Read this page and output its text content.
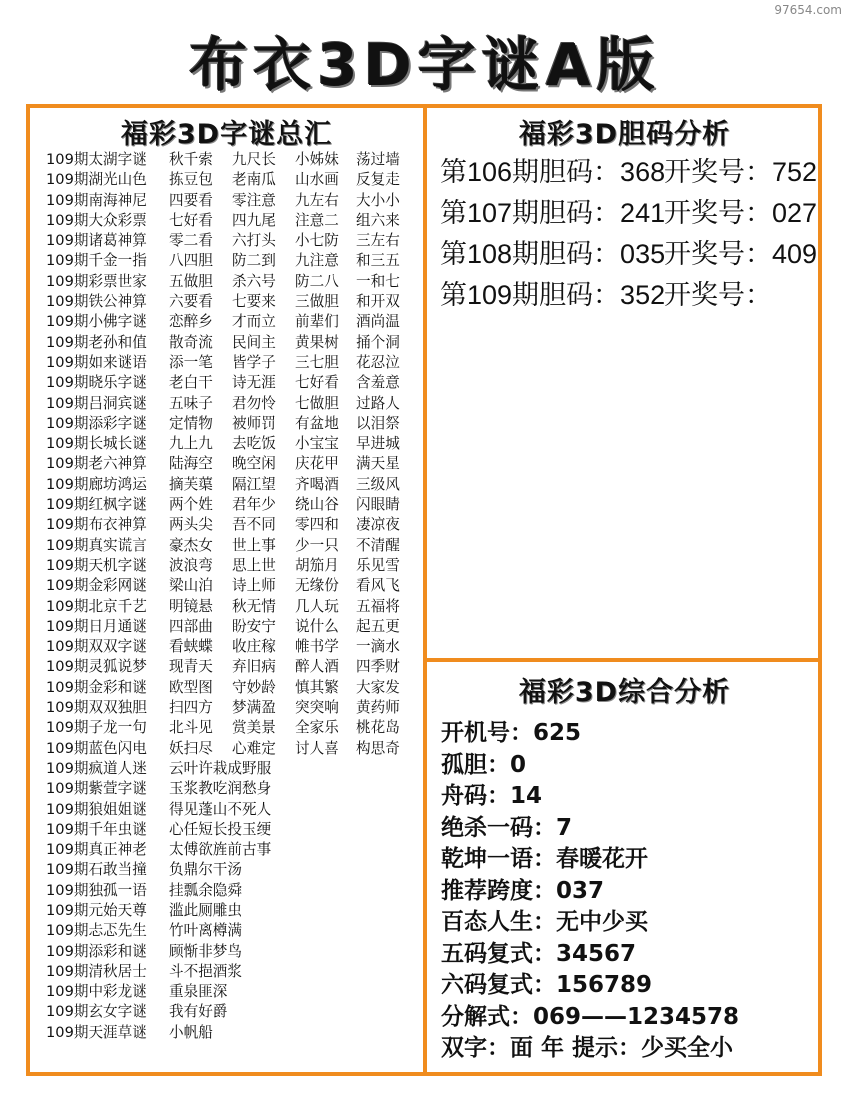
97654.com
布衣3D字谜A版
福彩3D字谜总汇	福彩3D胆码分析
福彩3D综合分析
109期太湖字谜 秋千索 九尺长 小姊妹 荡过墙
109期湖光山色 拣豆包 老南瓜 山水画 反复走
109期南海神尼 四要看 零注意 九左右 大小小
109期大众彩票 七好看 四九尾 注意二 组六来
109期诸葛神算 零二看 六打头 小七防 三左右
109期千金一指 八四胆 防二到 九注意 和三五
109期彩票世家 五做胆 杀六号 防二八 一和七
109期铁公神算 六要看 七要来 三做胆 和开双
109期小佛字谜 恋醉乡 才而立 前辈们 酒尚温
109期老孙和值 散奇流 民间主 黄果树 捅个洞
109期如来谜语 添一笔 皆学子 三七胆 花忍泣
109期晓乐字谜 老白干 诗无涯 七好看 含羞意
109期吕洞宾谜 五味子 君勿怜 七做胆 过路人
109期添彩字谜 定情物 被师罚 有盆地 以泪祭
109期长城长谜 九上九 去吃饭 小宝宝 早进城
109期老六神算 陆海空 晚空闲 庆花甲 满天星
109期廊坊鸿运 摘芙蕖 隔江望 齐喝酒 三级风
109期红枫字谜 两个姓 君年少 绕山谷 闪眼睛
109期布衣神算 两头尖 吾不同 零四和 凄凉夜
109期真实谎言 豪杰女 世上事 少一只 不清醒
109期天机字谜 波浪弯 思上世 胡笳月 乐见雪
109期金彩网谜 梁山泊 诗上师 无缘份 看风飞
109期北京千艺 明镜悬 秋无情 几人玩 五福将
109期日月通谜 四部曲 盼安宁 说什么 起五更
109期双双字谜 看蛱蝶 收庄稼 帷书学 一滴水
109期灵狐说梦 现青天 弃旧病 醉人酒 四季财
109期金彩和谜 欧型图 守妙龄 慎其繁 大家发
109期双双独胆 扫四方 梦满盈 突突响 黄药师
109期子龙一句 北斗见 赏美景 全家乐 桃花岛
109期蓝色闪电 妖扫尽 心难定 讨人喜 构思奇
109期疯道人迷 云叶许栽成野服
109期紫萱字谜 玉浆教吃润愁身
109期狼姐姐谜 得见蓬山不死人
109期千年虫谜 心任短长投玉绠
109期真正神老 太傅欲旌前古事
109期石敢当撞 负鼎尔干汤
109期独孤一语 挂瓢余隐舜
109期元始天尊 滥此厕雕虫
109期忐忑先生 竹叶离樽满
109期添彩和谜 顾惭非梦鸟
109期清秋居士 斗不挹酒浆
109期中彩龙谜 重泉匪深
109期玄女字谜 我有好爵
109期天涯草谜 小帆船
第106期胆码：368开奖号：752
第107期胆码：241开奖号：027
第108期胆码：035开奖号：409
第109期胆码：352开奖号：
开机号：625
孤胆：0
舟码：14
绝杀一码：7
乾坤一语：春暖花开
推荐跨度：037
百态人生：无中少买
五码复式：34567
六码复式：156789
分解式：069——1234578
双字：面 年 提示：少买全小
